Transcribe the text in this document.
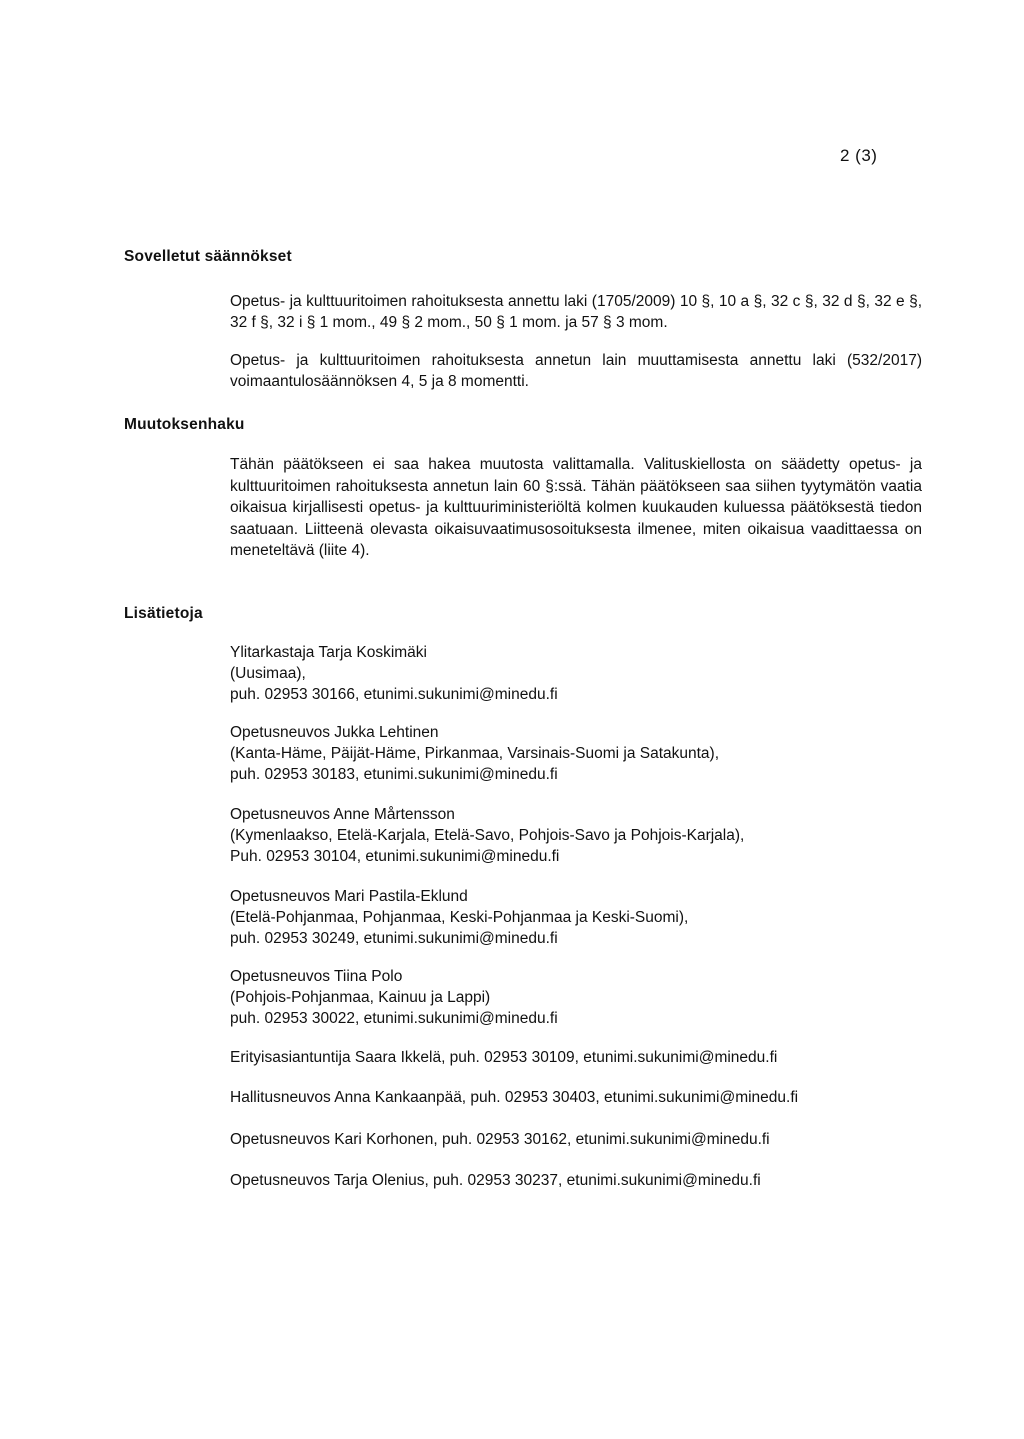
2 (3)
Sovelletut säännökset
Opetus- ja kulttuuritoimen rahoituksesta annettu laki (1705/2009) 10 §, 10 a §, 32 c §, 32 d §, 32 e §, 32 f §, 32 i § 1 mom., 49 § 2 mom., 50 § 1 mom. ja 57 § 3 mom.
Opetus- ja kulttuuritoimen rahoituksesta annetun lain muuttamisesta annettu laki (532/2017) voimaantulosäännöksen 4, 5 ja 8 momentti.
Muutoksenhaku
Tähän päätökseen ei saa hakea muutosta valittamalla. Valituskiellosta on säädetty opetus- ja kulttuuritoimen rahoituksesta annetun lain 60 §:ssä. Tähän päätökseen saa siihen tyytymätön vaatia oikaisua kirjallisesti opetus- ja kulttuuriministeriöltä kolmen kuukauden kuluessa päätöksestä tiedon saatuaan. Liitteenä olevasta oikaisuvaatimusosoituksesta ilmenee, miten oikaisua vaadittaessa on meneteltävä (liite 4).
Lisätietoja
Ylitarkastaja Tarja Koskimäki
(Uusimaa),
puh. 02953 30166, etunimi.sukunimi@minedu.fi
Opetusneuvos Jukka Lehtinen
(Kanta-Häme, Päijät-Häme, Pirkanmaa, Varsinais-Suomi ja Satakunta),
puh. 02953 30183, etunimi.sukunimi@minedu.fi
Opetusneuvos Anne Mårtensson
(Kymenlaakso, Etelä-Karjala, Etelä-Savo, Pohjois-Savo ja Pohjois-Karjala),
Puh. 02953 30104, etunimi.sukunimi@minedu.fi
Opetusneuvos Mari Pastila-Eklund
(Etelä-Pohjanmaa, Pohjanmaa, Keski-Pohjanmaa ja Keski-Suomi),
puh. 02953 30249, etunimi.sukunimi@minedu.fi
Opetusneuvos Tiina Polo
(Pohjois-Pohjanmaa, Kainuu ja Lappi)
puh. 02953 30022, etunimi.sukunimi@minedu.fi
Erityisasiantuntija Saara Ikkelä, puh. 02953 30109, etunimi.sukunimi@minedu.fi
Hallitusneuvos Anna Kankaanpää, puh. 02953 30403, etunimi.sukunimi@minedu.fi
Opetusneuvos Kari Korhonen, puh. 02953 30162, etunimi.sukunimi@minedu.fi
Opetusneuvos Tarja Olenius, puh. 02953 30237, etunimi.sukunimi@minedu.fi
